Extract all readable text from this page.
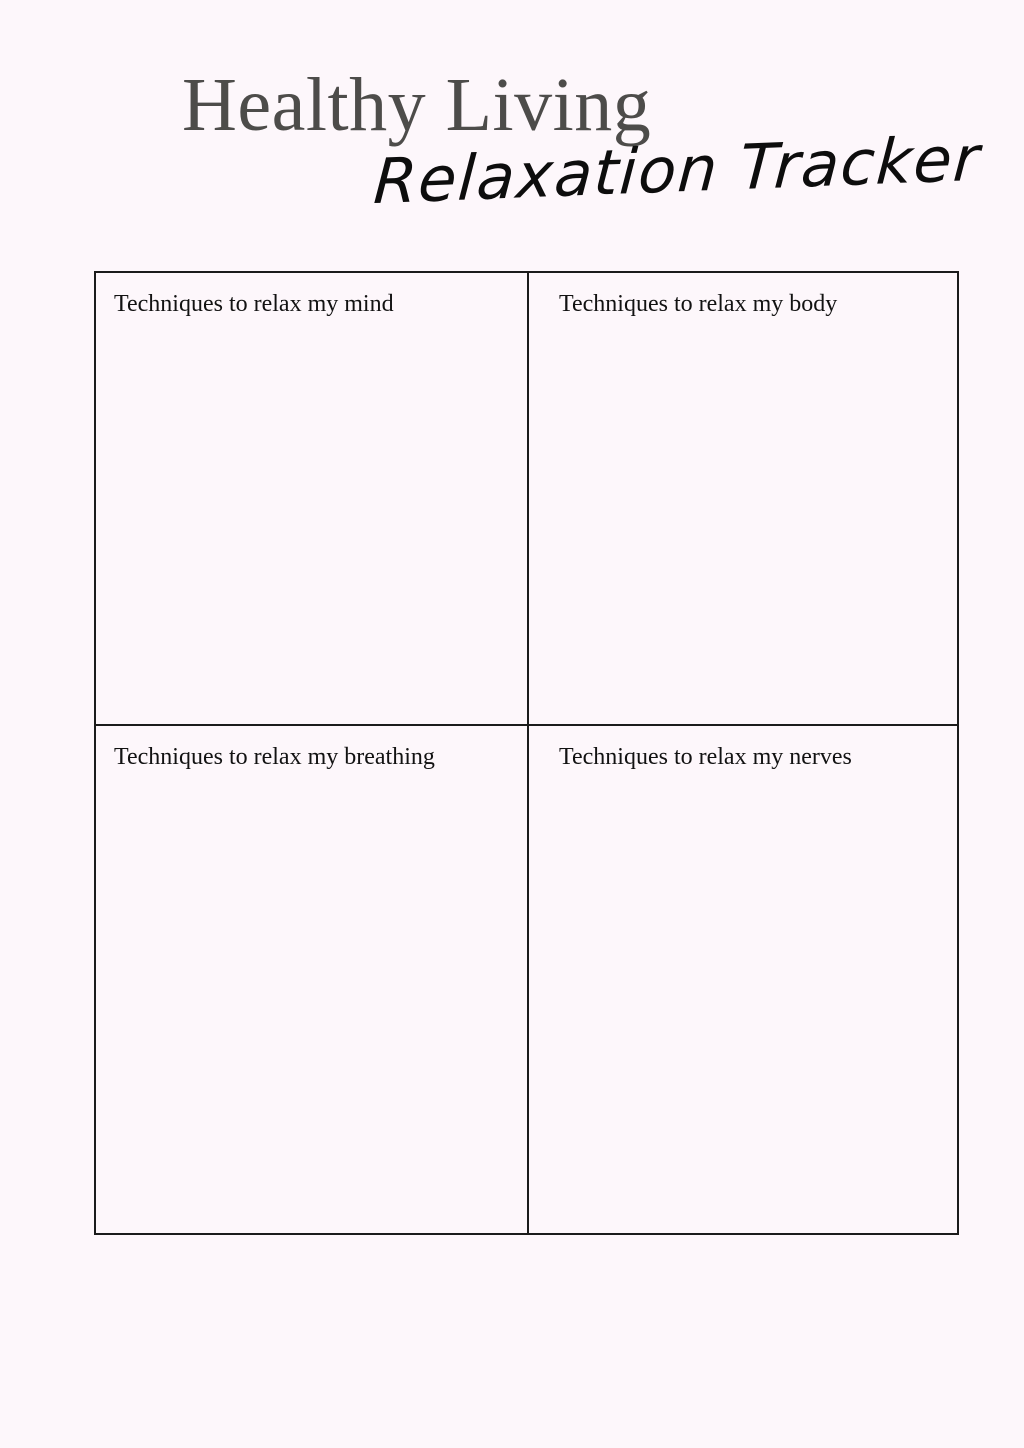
Healthy Living
Relaxation Tracker
Techniques to relax my mind	Techniques to relax my body
Techniques to relax my breathing	Techniques to relax my nerves
